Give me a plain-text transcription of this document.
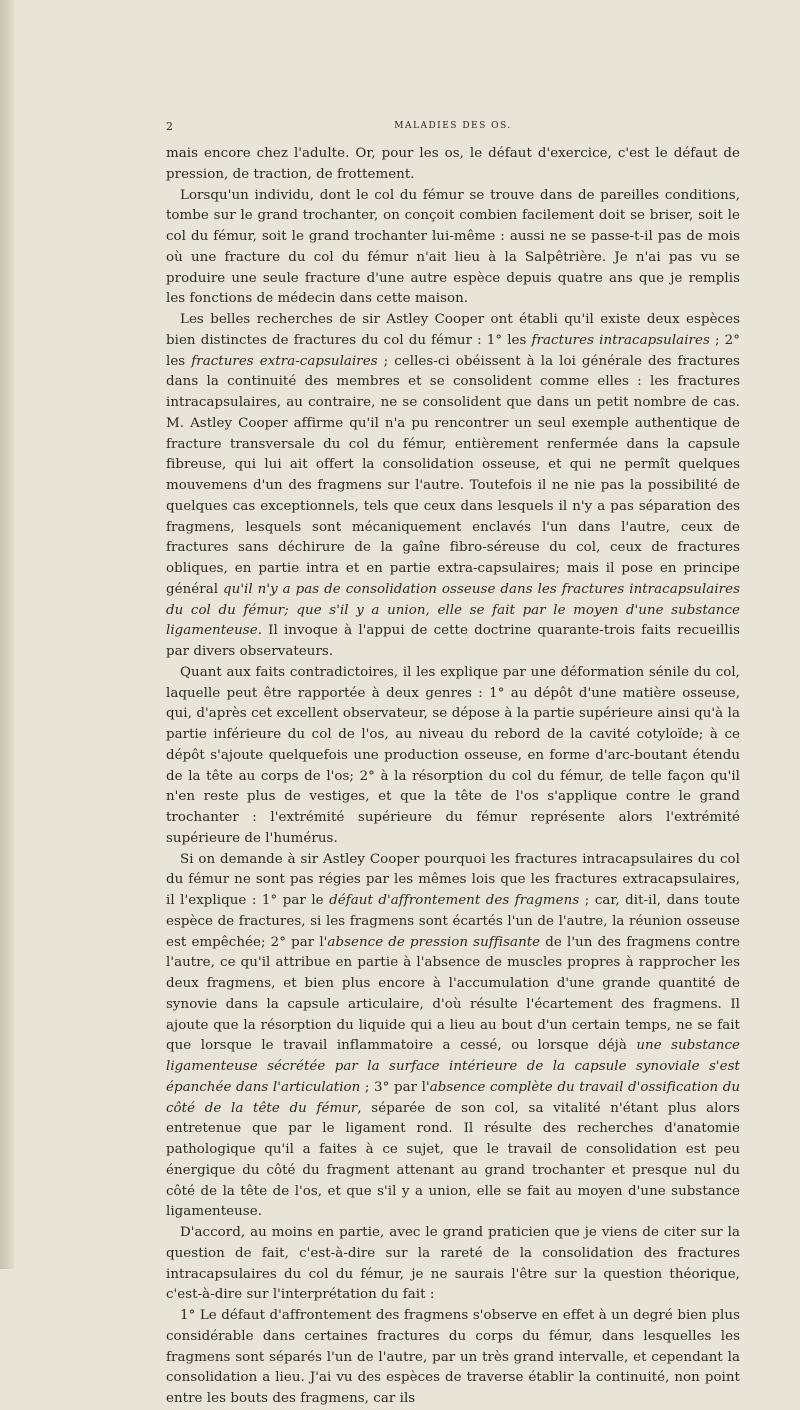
2	MALADIES DES OS.

mais encore chez l'adulte. Or, pour les os, le défaut d'exercice, c'est le défaut de pression, de traction, de frottement.

Lorsqu'un individu, dont le col du fémur se trouve dans de pareilles conditions, tombe sur le grand trochanter, on conçoit combien facilement doit se briser, soit le col du fémur, soit le grand trochanter lui-même : aussi ne se passe-t-il pas de mois où une fracture du col du fémur n'ait lieu à la Salpêtrière. Je n'ai pas vu se produire une seule fracture d'une autre espèce depuis quatre ans que je remplis les fonctions de médecin dans cette maison.

Les belles recherches de sir Astley Cooper ont établi qu'il existe deux espèces bien distinctes de fractures du col du fémur : 1° les fractures intracapsulaires ; 2° les fractures extra-capsulaires ; celles-ci obéissent à la loi générale des fractures dans la continuité des membres et se consolident comme elles : les fractures intracapsulaires, au contraire, ne se consolident que dans un petit nombre de cas. M. Astley Cooper affirme qu'il n'a pu rencontrer un seul exemple authentique de fracture transversale du col du fémur, entièrement renfermée dans la capsule fibreuse, qui lui ait offert la consolidation osseuse, et qui ne permît quelques mouvemens d'un des fragmens sur l'autre. Toutefois il ne nie pas la possibilité de quelques cas exceptionnels, tels que ceux dans lesquels il n'y a pas séparation des fragmens, lesquels sont mécaniquement enclavés l'un dans l'autre, ceux de fractures sans déchirure de la gaîne fibro-séreuse du col, ceux de fractures obliques, en partie intra et en partie extra-capsulaires; mais il pose en principe général qu'il n'y a pas de consolidation osseuse dans les fractures intracapsulaires du col du fémur; que s'il y a union, elle se fait par le moyen d'une substance ligamenteuse. Il invoque à l'appui de cette doctrine quarante-trois faits recueillis par divers observateurs.

Quant aux faits contradictoires, il les explique par une déformation sénile du col, laquelle peut être rapportée à deux genres : 1° au dépôt d'une matière osseuse, qui, d'après cet excellent observateur, se dépose à la partie supérieure ainsi qu'à la partie inférieure du col de l'os, au niveau du rebord de la cavité cotyloïde; à ce dépôt s'ajoute quelquefois une production osseuse, en forme d'arc-boutant étendu de la tête au corps de l'os; 2° à la résorption du col du fémur, de telle façon qu'il n'en reste plus de vestiges, et que la tête de l'os s'applique contre le grand trochanter : l'extrémité supérieure du fémur représente alors l'extrémité supérieure de l'humérus.

Si on demande à sir Astley Cooper pourquoi les fractures intracapsulaires du col du fémur ne sont pas régies par les mêmes lois que les fractures extracapsulaires, il l'explique : 1° par le défaut d'affrontement des fragmens ; car, dit-il, dans toute espèce de fractures, si les fragmens sont écartés l'un de l'autre, la réunion osseuse est empêchée; 2° par l'absence de pression suffisante de l'un des fragmens contre l'autre, ce qu'il attribue en partie à l'absence de muscles propres à rapprocher les deux fragmens, et bien plus encore à l'accumulation d'une grande quantité de synovie dans la capsule articulaire, d'où résulte l'écartement des fragmens. Il ajoute que la résorption du liquide qui a lieu au bout d'un certain temps, ne se fait que lorsque le travail inflammatoire a cessé, ou lorsque déjà une substance ligamenteuse sécrétée par la surface intérieure de la capsule synoviale s'est épanchée dans l'articulation ; 3° par l'absence complète du travail d'ossification du côté de la tête du fémur, séparée de son col, sa vitalité n'étant plus alors entretenue que par le ligament rond. Il résulte des recherches d'anatomie pathologique qu'il a faites à ce sujet, que le travail de consolidation est peu énergique du côté du fragment attenant au grand trochanter et presque nul du côté de la tête de l'os, et que s'il y a union, elle se fait au moyen d'une substance ligamenteuse.

D'accord, au moins en partie, avec le grand praticien que je viens de citer sur la question de fait, c'est-à-dire sur la rareté de la consolidation des fractures intracapsulaires du col du fémur, je ne saurais l'être sur la question théorique, c'est-à-dire sur l'interprétation du fait :

1° Le défaut d'affrontement des fragmens s'observe en effet à un degré bien plus considérable dans certaines fractures du corps du fémur, dans lesquelles les fragmens sont séparés l'un de l'autre, par un très grand intervalle, et cependant la consolidation a lieu. J'ai vu des espèces de traverse établir la continuité, non point entre les bouts des fragmens, car ils
